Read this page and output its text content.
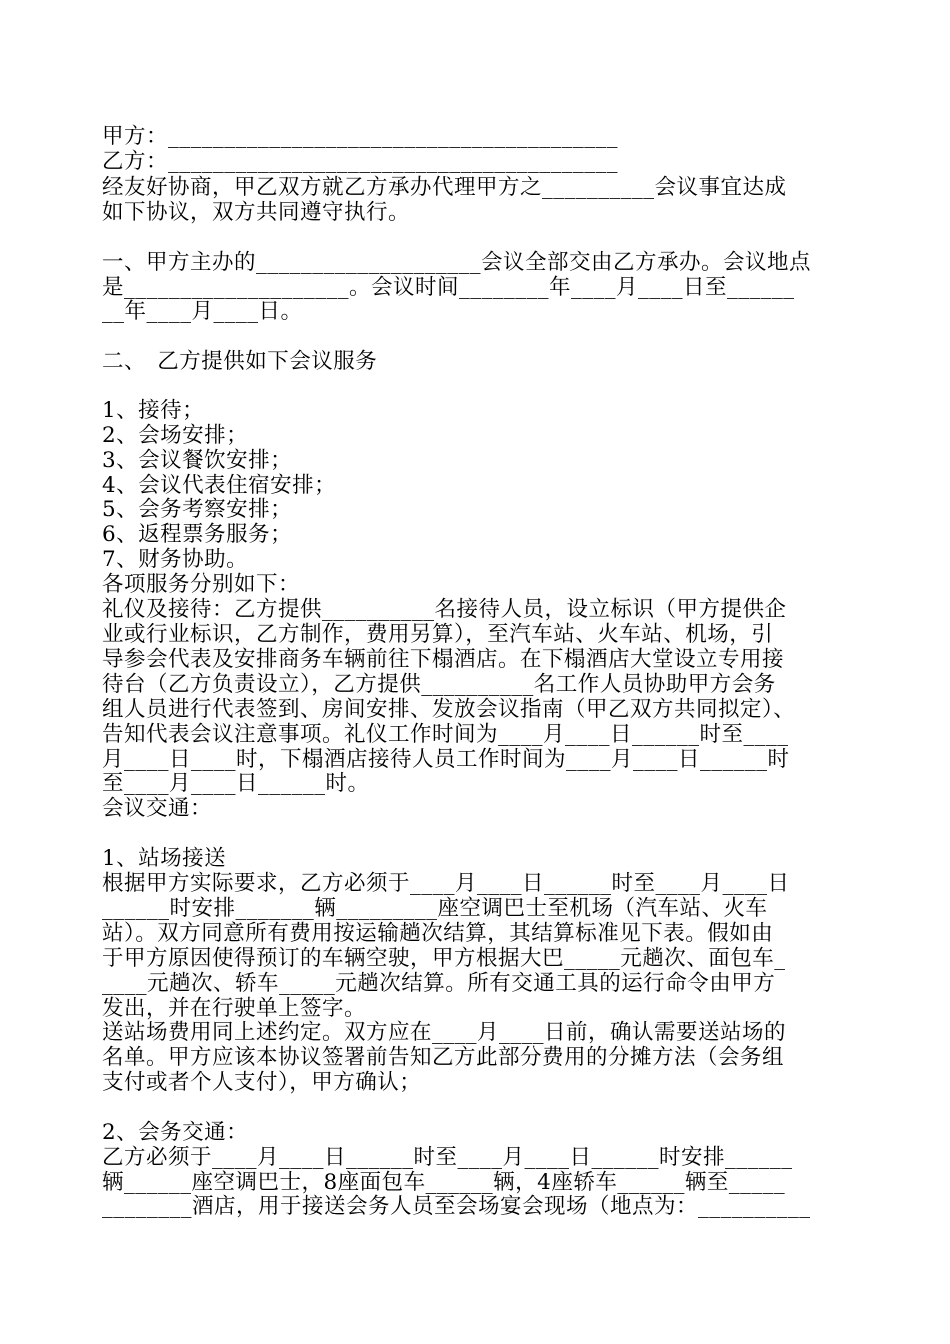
甲方：________________________________________
乙方：________________________________________
经友好协商，甲乙双方就乙方承办代理甲方之__________会议事宜达成
如下协议，双方共同遵守执行。
一、甲方主办的____________________会议全部交由乙方承办。会议地点
是____________________。会议时间________年____月____日至______
__年____月____日。
二、　乙方提供如下会议服务
1、接待；
2、会场安排；
3、会议餐饮安排；
4、会议代表住宿安排；
5、会务考察安排；
6、返程票务服务；
7、财务协助。
各项服务分别如下：
礼仪及接待：乙方提供__________名接待人员，设立标识（甲方提供企
业或行业标识，乙方制作，费用另算），至汽车站、火车站、机场，引
导参会代表及安排商务车辆前往下榻酒店。在下榻酒店大堂设立专用接
待台（乙方负责设立），乙方提供__________名工作人员协助甲方会务
组人员进行代表签到、房间安排、发放会议指南（甲乙双方共同拟定）、
告知代表会议注意事项。礼仪工作时间为____月____日______时至____
月____日____时，下榻酒店接待人员工作时间为____月____日______时
至____月____日______时。
会议交通：
1、站场接送
根据甲方实际要求，乙方必须于____月____日______时至____月____日
______时安排_______辆_________座空调巴士至机场（汽车站、火车
站）。双方同意所有费用按运输趟次结算，其结算标准见下表。假如由
于甲方原因使得预订的车辆空驶，甲方根据大巴_____元趟次、面包车_
____元趟次、轿车_____元趟次结算。所有交通工具的运行命令由甲方
发出，并在行驶单上签字。
送站场费用同上述约定。双方应在____月____日前，确认需要送站场的
名单。甲方应该本协议签署前告知乙方此部分费用的分摊方法（会务组
支付或者个人支付），甲方确认；
2、会务交通：
乙方必须于____月____日______时至____月____日______时安排______
辆______座空调巴士，8座面包车______辆，4座轿车______辆至_____
________酒店，用于接送会务人员至会场宴会现场（地点为：__________
